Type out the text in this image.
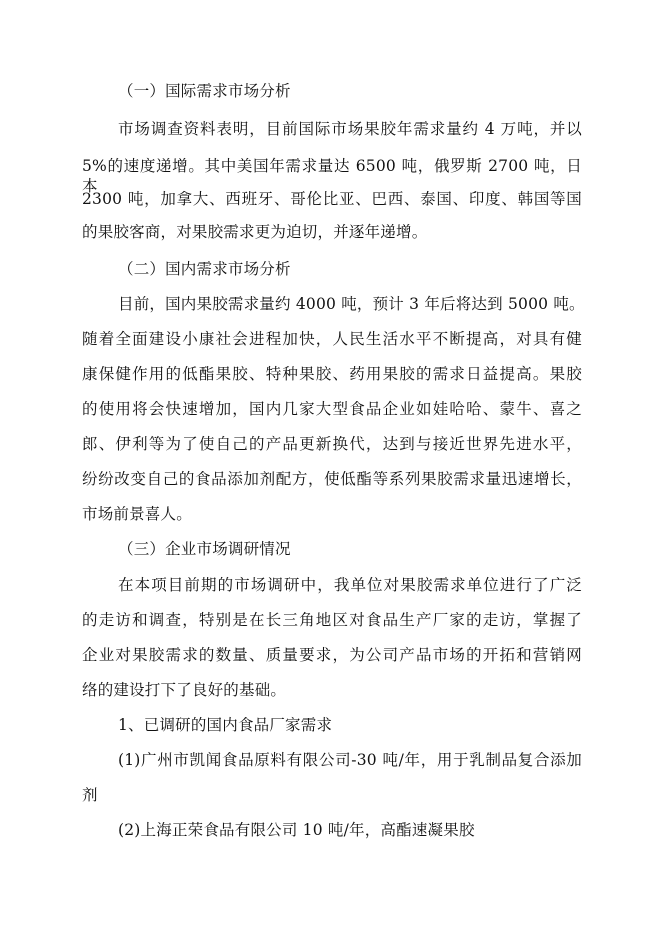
（一）国际需求市场分析
市场调查资料表明，目前国际市场果胶年需求量约 4 万吨，并以
5%的速度递增。其中美国年需求量达 6500 吨，俄罗斯 2700 吨，日本
2300 吨，加拿大、西班牙、哥伦比亚、巴西、泰国、印度、韩国等国
的果胶客商，对果胶需求更为迫切，并逐年递增。
（二）国内需求市场分析
目前，国内果胶需求量约 4000 吨，预计 3 年后将达到 5000 吨。
随着全面建设小康社会进程加快，人民生活水平不断提高，对具有健
康保健作用的低酯果胶、特种果胶、药用果胶的需求日益提高。果胶
的使用将会快速增加，国内几家大型食品企业如娃哈哈、蒙牛、喜之
郎、伊利等为了使自己的产品更新换代，达到与接近世界先进水平，
纷纷改变自己的食品添加剂配方，使低酯等系列果胶需求量迅速增长，
市场前景喜人。
（三）企业市场调研情况
在本项目前期的市场调研中，我单位对果胶需求单位进行了广泛
的走访和调查，特别是在长三角地区对食品生产厂家的走访，掌握了
企业对果胶需求的数量、质量要求，为公司产品市场的开拓和营销网
络的建设打下了良好的基础。
1、已调研的国内食品厂家需求
(1)广州市凯闻食品原料有限公司-30 吨/年，用于乳制品复合添加
剂
(2)上海正荣食品有限公司 10 吨/年，高酯速凝果胶
